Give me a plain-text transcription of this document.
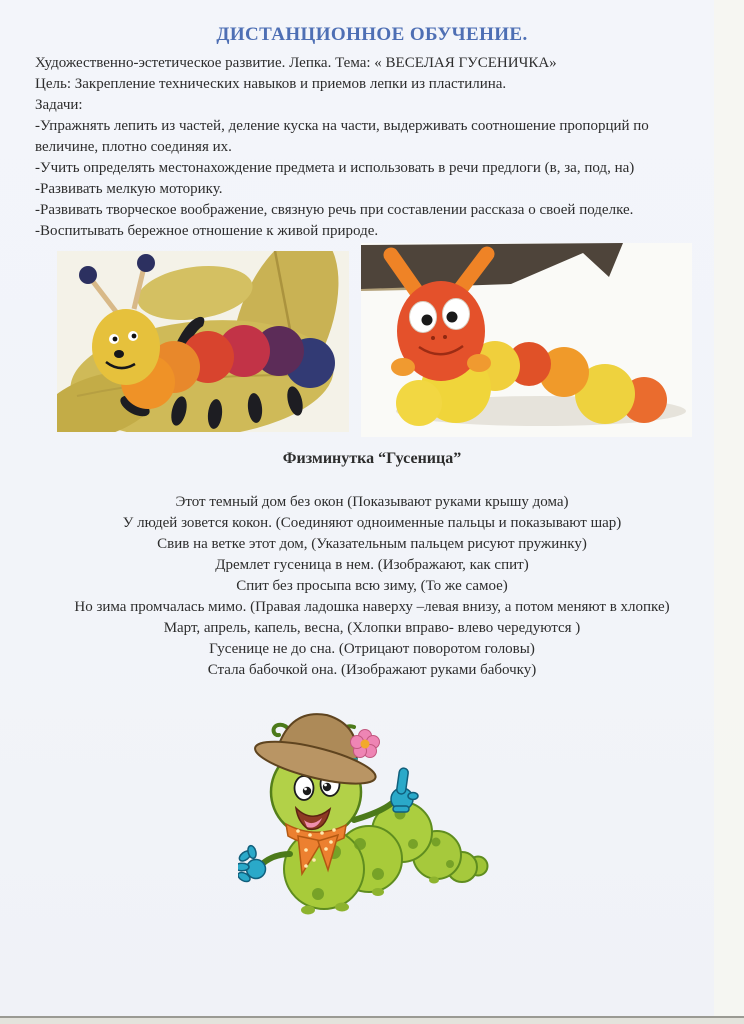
ДИСТАНЦИОННОЕ ОБУЧЕНИЕ.
Художественно-эстетическое развитие. Лепка. Тема: « ВЕСЕЛАЯ ГУСЕНИЧКА»
Цель: Закрепление технических навыков и приемов лепки из пластилина.
Задачи:
-Упражнять лепить из частей, деление куска на части, выдерживать соотношение пропорций по величине, плотно соединяя их.
-Учить определять местонахождение предмета и использовать в речи предлоги (в, за, под, на)
-Развивать мелкую моторику.
-Развивать творческое воображение, связную речь при составлении рассказа о своей поделке.
-Воспитывать бережное отношение к живой природе.
Физминутка “Гусеница”
Этот темный дом без окон (Показывают руками крышу дома)
У людей зовется кокон. (Соединяют одноименные пальцы и показывают шар)
Свив на ветке этот дом, (Указательным пальцем рисуют пружинку)
Дремлет гусеница в нем. (Изображают, как спит)
Спит без просыпа всю зиму, (То же самое)
Но зима промчалась мимо. (Правая ладошка наверху –левая внизу, а потом меняют в хлопке)
Март, апрель, капель, весна, (Хлопки вправо- влево чередуются )
Гусенице не до сна. (Отрицают поворотом головы)
Стала бабочкой она. (Изображают руками бабочку)
